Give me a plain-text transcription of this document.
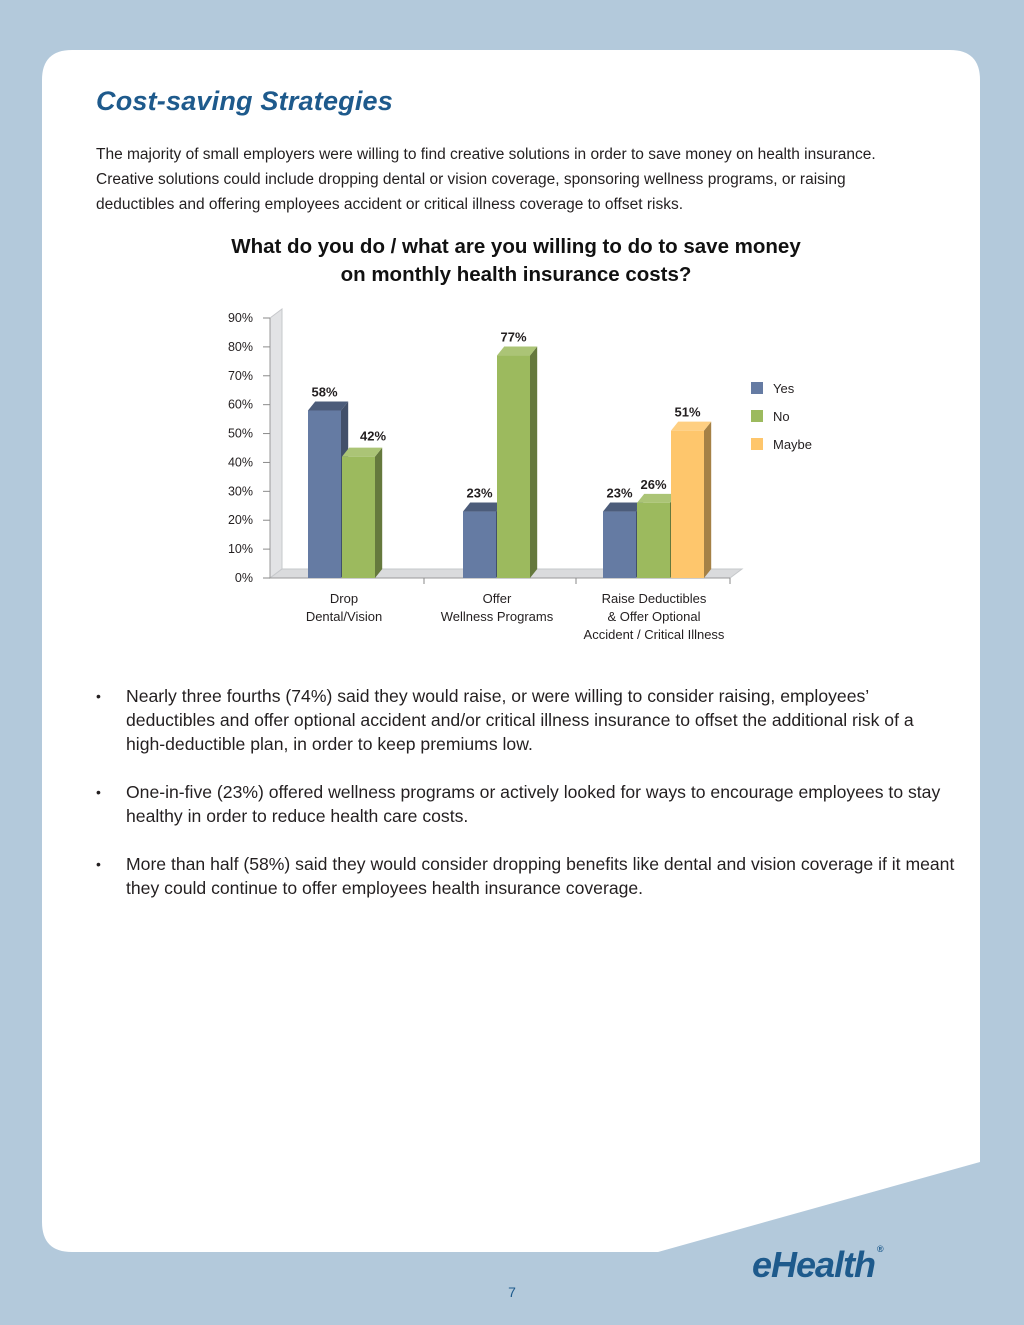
Cost-saving Strategies

The majority of small employers were willing to find creative solutions in order to save money on health insurance. Creative solutions could include dropping dental or vision coverage, sponsoring wellness programs, or raising deductibles and offering employees accident or critical illness coverage to offset risks.

What do you do / what are you willing to do to save money
on monthly health insurance costs?
0%
10%
20%
30%
40%
50%
60%
70%
80%
90%
58%
42%
23%
77%
23%
26%
51%
Drop
Dental/Vision
Offer
Wellness Programs
Raise Deductibles
& Offer Optional
Accident / Critical Illness
Yes
No
Maybe
• Nearly three fourths (74%) said they would raise, or were willing to consider raising, employees’ deductibles and offer optional accident and/or critical illness insurance to offset the additional risk of a high-deductible plan, in order to keep premiums low.
• One-in-five (23%) offered wellness programs or actively looked for ways to encourage employees to stay healthy in order to reduce health care costs.
• More than half (58%) said they would consider dropping benefits like dental and vision coverage if it meant they could continue to offer employees health insurance coverage.
7
eHealth ®
